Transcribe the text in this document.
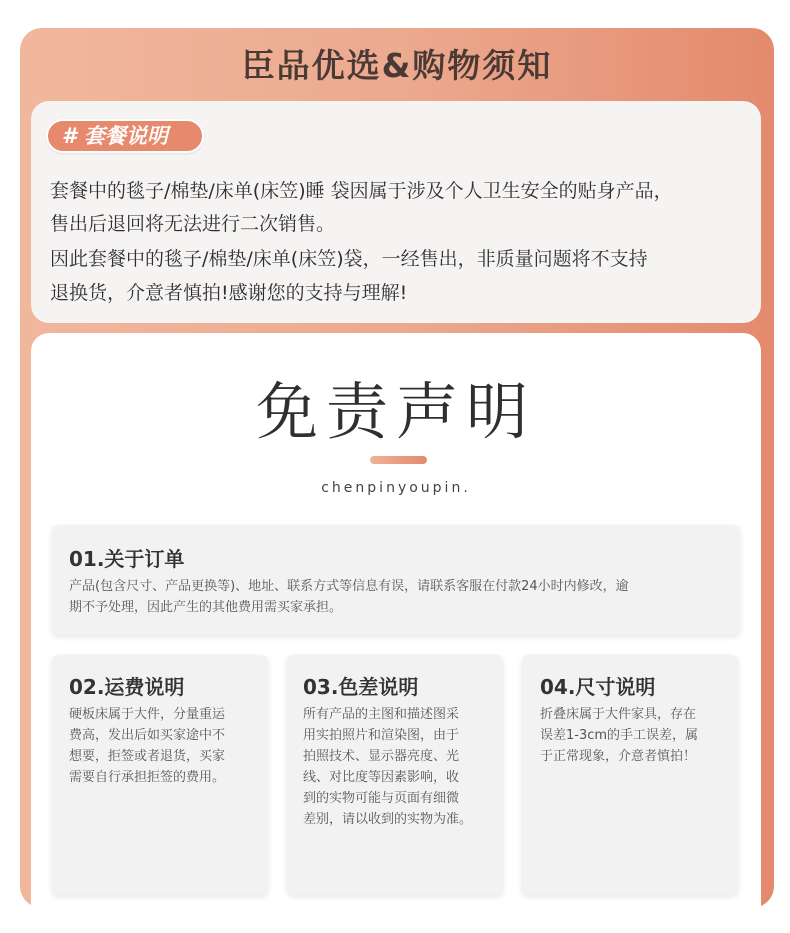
臣品优选&购物须知
# 套餐说明
套餐中的毯子/棉垫/床单(床笠)睡 袋因属于涉及个人卫生安全的贴身产品，
售出后退回将无法进行二次销售。
因此套餐中的毯子/棉垫/床单(床笠)袋，一经售出，非质量问题将不支持
退换货，介意者慎拍!感谢您的支持与理解!
免责声明
chenpinyoupin.
01.关于订单
产品(包含尺寸、产品更换等)、地址、联系方式等信息有误，请联系客服在付款24小时内修改，逾
期不予处理，因此产生的其他费用需买家承担。
02.运费说明
硬板床属于大件，分量重运
费高，发出后如买家途中不
想要，拒签或者退货，买家
需要自行承担拒签的费用。
03.色差说明
所有产品的主图和描述图采
用实拍照片和渲染图，由于
拍照技术、显示器亮度、光
线、对比度等因素影响，收
到的实物可能与页面有细微
差别，请以收到的实物为准。
04.尺寸说明
折叠床属于大件家具，存在
误差1-3cm的手工误差，属
于正常现象，介意者慎拍！
